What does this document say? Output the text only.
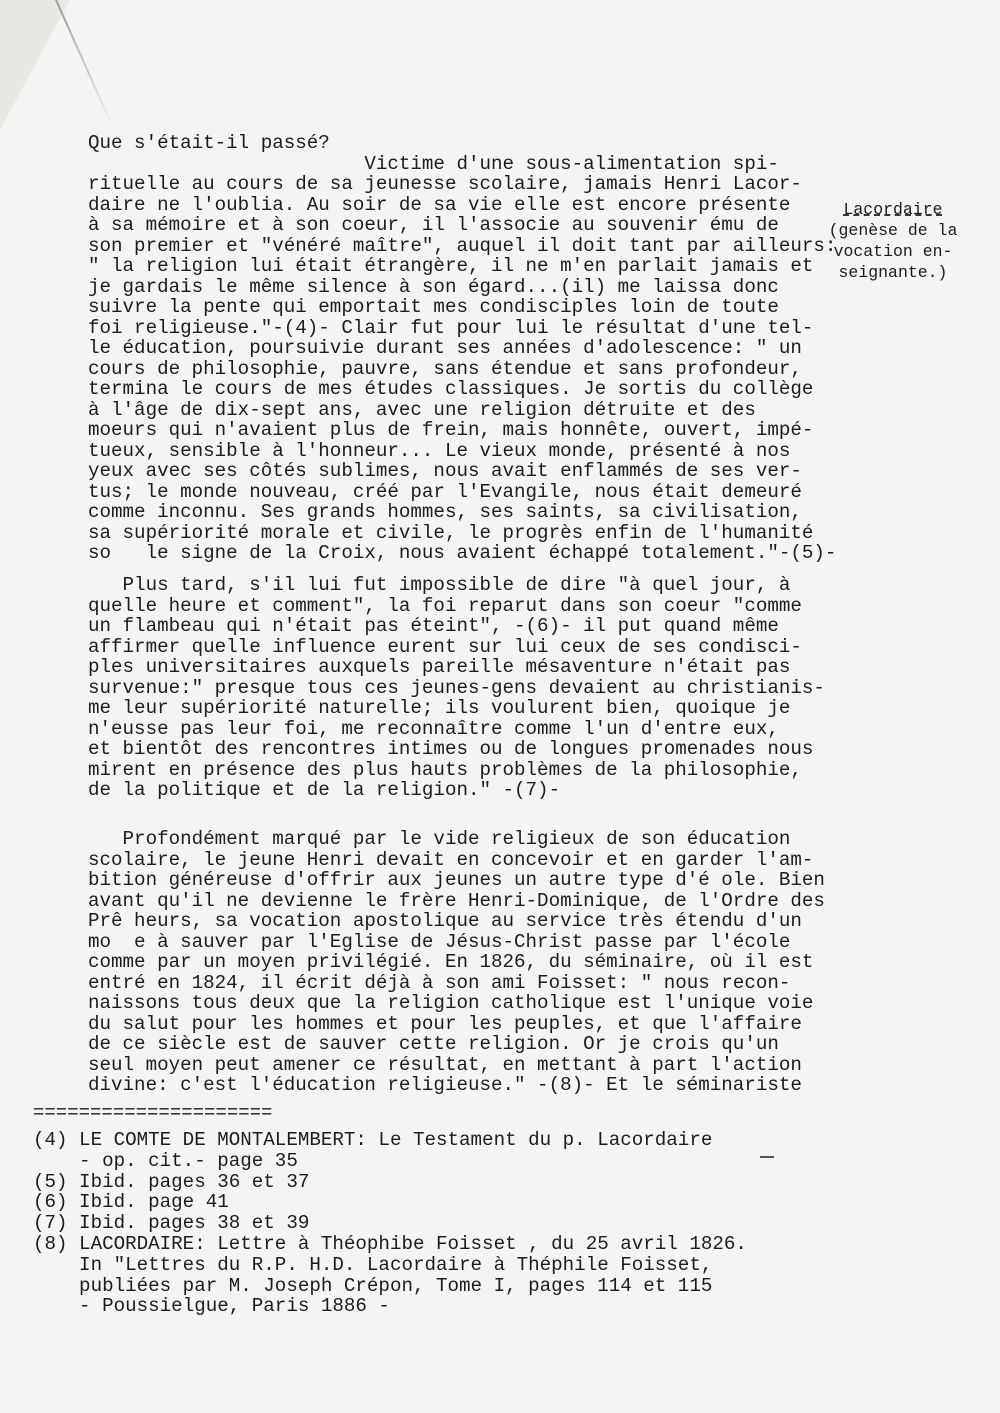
Que s'était-il passé?
Victime d'une sous-alimentation spi-
rituelle au cours de sa jeunesse scolaire, jamais Henri Lacor-
daire ne l'oublia. Au soir de sa vie elle est encore présente
à sa mémoire et à son coeur, il l'associe au souvenir ému de
son premier et "vénéré maître", auquel il doit tant par ailleurs:
" la religion lui était étrangère, il ne m'en parlait jamais et
je gardais le même silence à son égard...(il) me laissa donc
suivre la pente qui emportait mes condisciples loin de toute
foi religieuse."-(4)- Clair fut pour lui le résultat d'une tel-
le éducation, poursuivie durant ses années d'adolescence: " un
cours de philosophie, pauvre, sans étendue et sans profondeur,
termina le cours de mes études classiques. Je sortis du collège
à l'âge de dix-sept ans, avec une religion détruite et des
moeurs qui n'avaient plus de frein, mais honnête, ouvert, impé-
tueux, sensible à l'honneur... Le vieux monde, présenté à nos
yeux avec ses côtés sublimes, nous avait enflammés de ses ver-
tus; le monde nouveau, créé par l'Evangile, nous était demeuré
comme inconnu. Ses grands hommes, ses saints, sa civilisation,
sa supériorité morale et civile, le progrès enfin de l'humanité
so   le signe de la Croix, nous avaient échappé totalement."-(5)-
Plus tard, s'il lui fut impossible de dire "à quel jour, à
quelle heure et comment", la foi reparut dans son coeur "comme
un flambeau qui n'était pas éteint", -(6)- il put quand même
affirmer quelle influence eurent sur lui ceux de ses condisci-
ples universitaires auxquels pareille mésaventure n'était pas
survenue:" presque tous ces jeunes-gens devaient au christianis-
me leur supériorité naturelle; ils voulurent bien, quoique je
n'eusse pas leur foi, me reconnaître comme l'un d'entre eux,
et bientôt des rencontres intimes ou de longues promenades nous
mirent en présence des plus hauts problèmes de la philosophie,
de la politique et de la religion." -(7)-
Profondément marqué par le vide religieux de son éducation
scolaire, le jeune Henri devait en concevoir et en garder l'am-
bition généreuse d'offrir aux jeunes un autre type d'é ole. Bien
avant qu'il ne devienne le frère Henri-Dominique, de l'Ordre des
Prê heurs, sa vocation apostolique au service très étendu d'un
mo  e à sauver par l'Eglise de Jésus-Christ passe par l'école
comme par un moyen privilégié. En 1826, du séminaire, où il est
entré en 1824, il écrit déjà à son ami Foisset: " nous recon-
naissons tous deux que la religion catholique est l'unique voie
du salut pour les hommes et pour les peuples, et que l'affaire
de ce siècle est de sauver cette religion. Or je crois qu'un
seul moyen peut amener ce résultat, en mettant à part l'action
divine: c'est l'éducation religieuse." -(8)- Et le séminariste
Lacordaire
(genèse de la
vocation en-
seignante.)
=====================
(4) LE COMTE DE MONTALEMBERT: Le Testament du p. Lacordaire
- op. cit.- page 35
(5) Ibid. pages 36 et 37
(6) Ibid. page 41
(7) Ibid. pages 38 et 39
(8) LACORDAIRE: Lettre à Théophibe Foisset , du 25 avril 1826.
In "Lettres du R.P. H.D. Lacordaire à Théphile Foisset,
publiées par M. Joseph Crépon, Tome I, pages 114 et 115
- Poussielgue, Paris 1886 -
